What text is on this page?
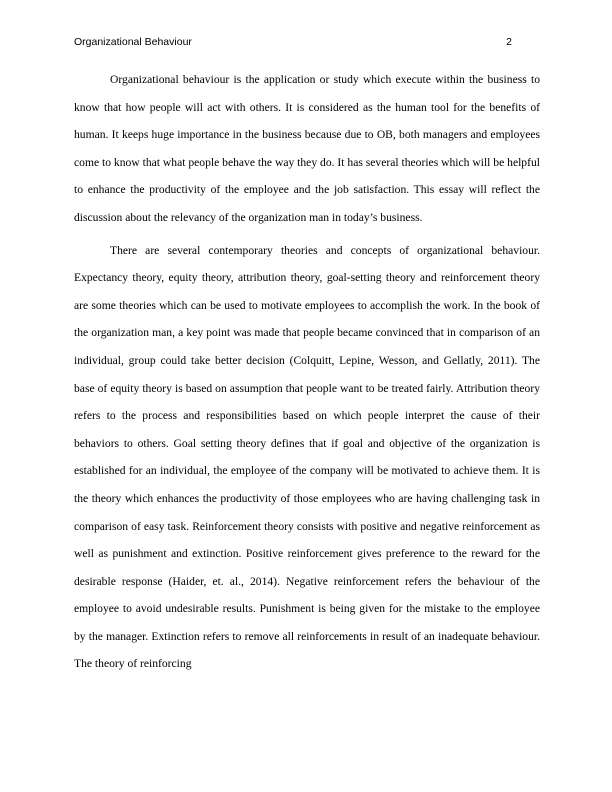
Organizational Behaviour	2

Organizational behaviour is the application or study which execute within the business to know that how people will act with others. It is considered as the human tool for the benefits of human. It keeps huge importance in the business because due to OB, both managers and employees come to know that what people behave the way they do. It has several theories which will be helpful to enhance the productivity of the employee and the job satisfaction. This essay will reflect the discussion about the relevancy of the organization man in today’s business.

There are several contemporary theories and concepts of organizational behaviour. Expectancy theory, equity theory, attribution theory, goal-setting theory and reinforcement theory are some theories which can be used to motivate employees to accomplish the work. In the book of the organization man, a key point was made that people became convinced that in comparison of an individual, group could take better decision (Colquitt, Lepine, Wesson, and Gellatly, 2011). The base of equity theory is based on assumption that people want to be treated fairly. Attribution theory refers to the process and responsibilities based on which people interpret the cause of their behaviors to others. Goal setting theory defines that if goal and objective of the organization is established for an individual, the employee of the company will be motivated to achieve them. It is the theory which enhances the productivity of those employees who are having challenging task in comparison of easy task. Reinforcement theory consists with positive and negative reinforcement as well as punishment and extinction. Positive reinforcement gives preference to the reward for the desirable response (Haider, et. al., 2014). Negative reinforcement refers the behaviour of the employee to avoid undesirable results. Punishment is being given for the mistake to the employee by the manager. Extinction refers to remove all reinforcements in result of an inadequate behaviour. The theory of reinforcing
